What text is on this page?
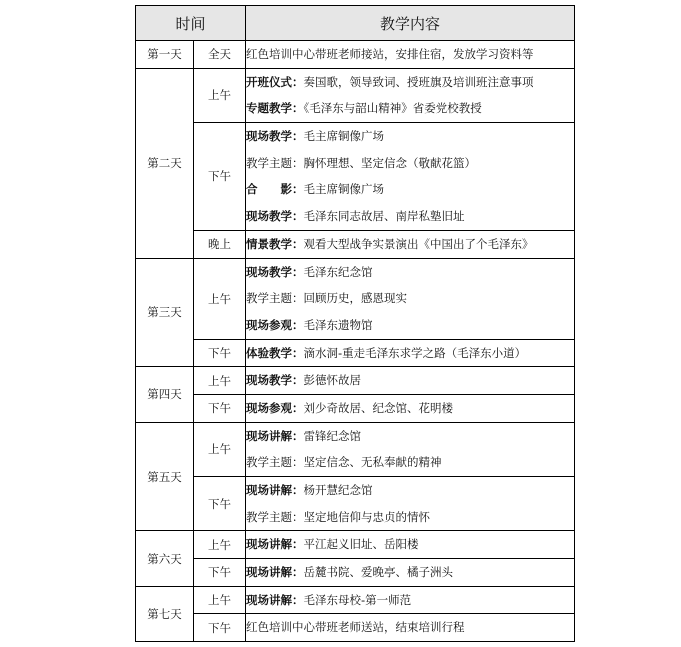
时间		教学内容
第一天	全天	红色培训中心带班老师接站，安排住宿，发放学习资料等

第二天	上午	开班仪式：奏国歌，领导致词、授班旗及培训班注意事项
专题教学：《毛泽东与韶山精神》省委党校教授

	下午	现场教学：毛主席铜像广场
教学主题：胸怀理想、坚定信念（敬献花篮）
合　　影：毛主席铜像广场
现场教学：毛泽东同志故居、南岸私塾旧址

	晚上	情景教学：观看大型战争实景演出《中国出了个毛泽东》

第三天	上午	现场教学：毛泽东纪念馆
教学主题：回顾历史，感恩现实
现场参观：毛泽东遗物馆

	下午	体验教学：滴水洞-重走毛泽东求学之路（毛泽东小道）

第四天	上午	现场教学：彭德怀故居

	下午	现场参观：刘少奇故居、纪念馆、花明楼

第五天	上午	现场讲解：雷锋纪念馆
教学主题：坚定信念、无私奉献的精神

	下午	现场讲解：杨开慧纪念馆
教学主题：坚定地信仰与忠贞的情怀

第六天	上午	现场讲解：平江起义旧址、岳阳楼

	下午	现场讲解：岳麓书院、爱晚亭、橘子洲头

第七天	上午	现场讲解：毛泽东母校-第一师范

	下午	红色培训中心带班老师送站，结束培训行程
